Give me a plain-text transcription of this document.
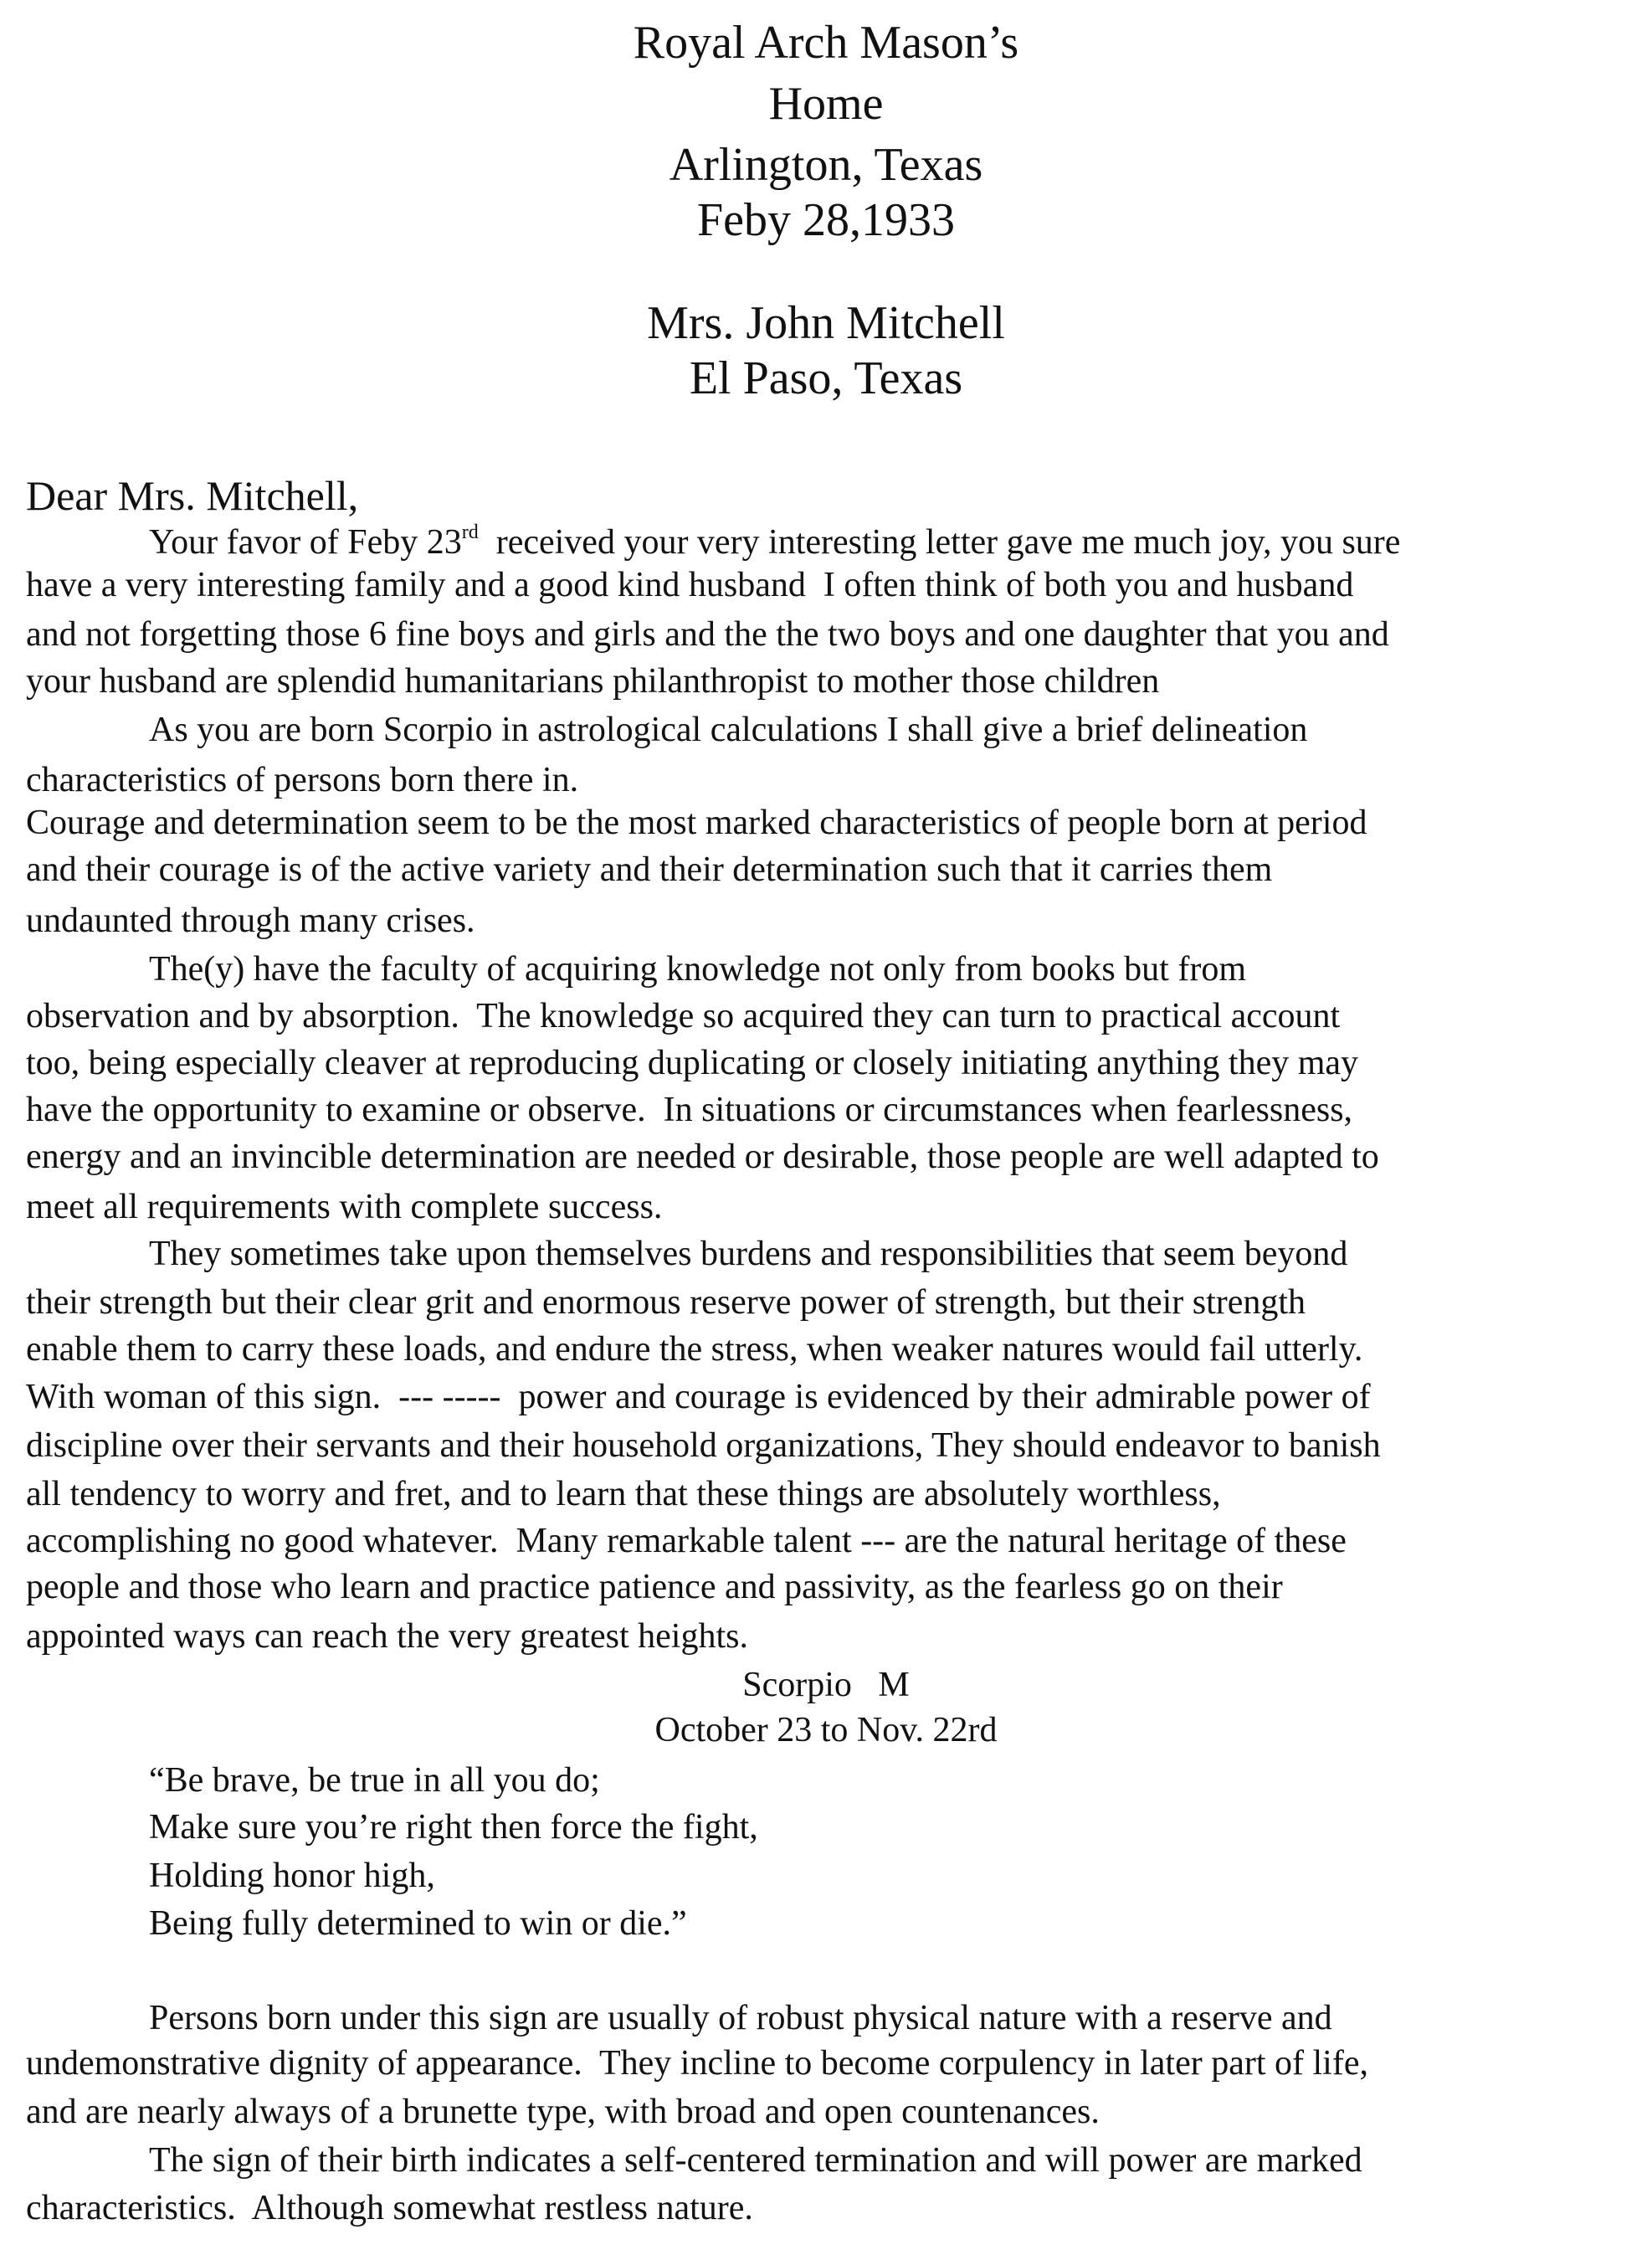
Royal Arch Mason’s
Home
Arlington, Texas
Feby 28,1933
Mrs. John Mitchell
El Paso, Texas
Dear Mrs. Mitchell,
Your favor of Feby 23rd  received your very interesting letter gave me much joy, you sure
have a very interesting family and a good kind husband  I often think of both you and husband
and not forgetting those 6 fine boys and girls and the the two boys and one daughter that you and
your husband are splendid humanitarians philanthropist to mother those children
As you are born Scorpio in astrological calculations I shall give a brief delineation
characteristics of persons born there in.
Courage and determination seem to be the most marked characteristics of people born at period
and their courage is of the active variety and their determination such that it carries them
undaunted through many crises.
The(y) have the faculty of acquiring knowledge not only from books but from
observation and by absorption.  The knowledge so acquired they can turn to practical account
too, being especially cleaver at reproducing duplicating or closely initiating anything they may
have the opportunity to examine or observe.  In situations or circumstances when fearlessness,
energy and an invincible determination are needed or desirable, those people are well adapted to
meet all requirements with complete success.
They sometimes take upon themselves burdens and responsibilities that seem beyond
their strength but their clear grit and enormous reserve power of strength, but their strength
enable them to carry these loads, and endure the stress, when weaker natures would fail utterly.
With woman of this sign.  --- -----  power and courage is evidenced by their admirable power of
discipline over their servants and their household organizations, They should endeavor to banish
all tendency to worry and fret, and to learn that these things are absolutely worthless,
accomplishing no good whatever.  Many remarkable talent --- are the natural heritage of these
people and those who learn and practice patience and passivity, as the fearless go on their
appointed ways can reach the very greatest heights.
Scorpio   M
October 23 to Nov. 22rd
“Be brave, be true in all you do;
Make sure you’re right then force the fight,
Holding honor high,
Being fully determined to win or die.”
Persons born under this sign are usually of robust physical nature with a reserve and
undemonstrative dignity of appearance.  They incline to become corpulency in later part of life,
and are nearly always of a brunette type, with broad and open countenances.
The sign of their birth indicates a self-centered termination and will power are marked
characteristics.  Although somewhat restless nature.
